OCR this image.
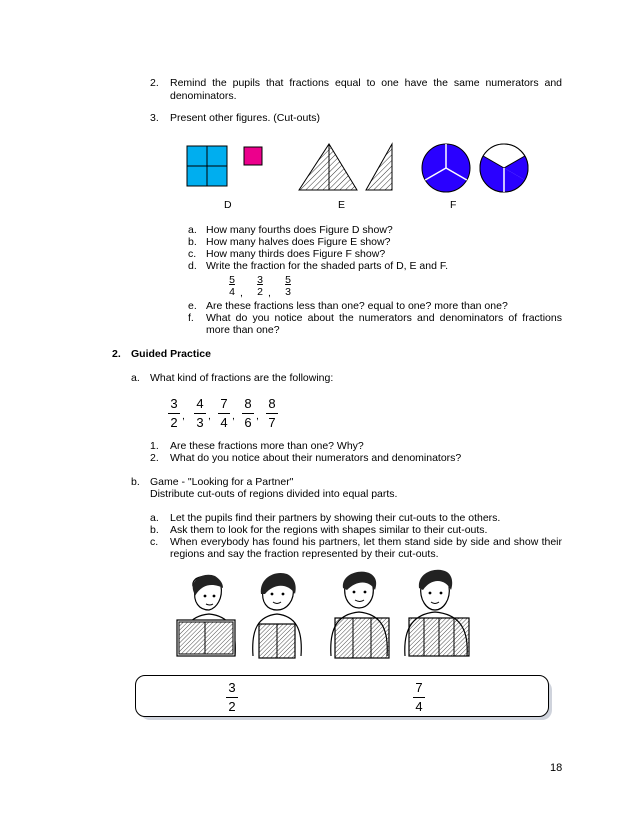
2. Remind the pupils that fractions equal to one have the same numerators and
denominators.
3. Present other figures. (Cut-outs)
D	E	F
a. How many fourths does Figure D show?
b. How many halves does Figure E show?
c. How many thirds does Figure F show?
d. Write the fraction for the shaded parts of D, E and F.
$\frac{5}{4}$ , $\frac{3}{2}$ , $\frac{5}{3}$
e. Are these fractions less than one? equal to one? more than one?
f. What do you notice about the numerators and denominators of fractions
more than one?
2. Guided Practice
a. What kind of fractions are the following:
3
2 ,
4
3 ,
7
4 ,
8
6 ,
8
7
1. Are these fractions more than one? Why?
2. What do you notice about their numerators and denominators?
b. Game - "Looking for a Partner"
Distribute cut-outs of regions divided into equal parts.
a. Let the pupils find their partners by showing their cut-outs to the others.
b. Ask them to look for the regions with shapes similar to their cut-outs.
c. When everybody has found his partners, let them stand side by side and show their
regions and say the fraction represented by their cut-outs.
3
2
7
4
18
